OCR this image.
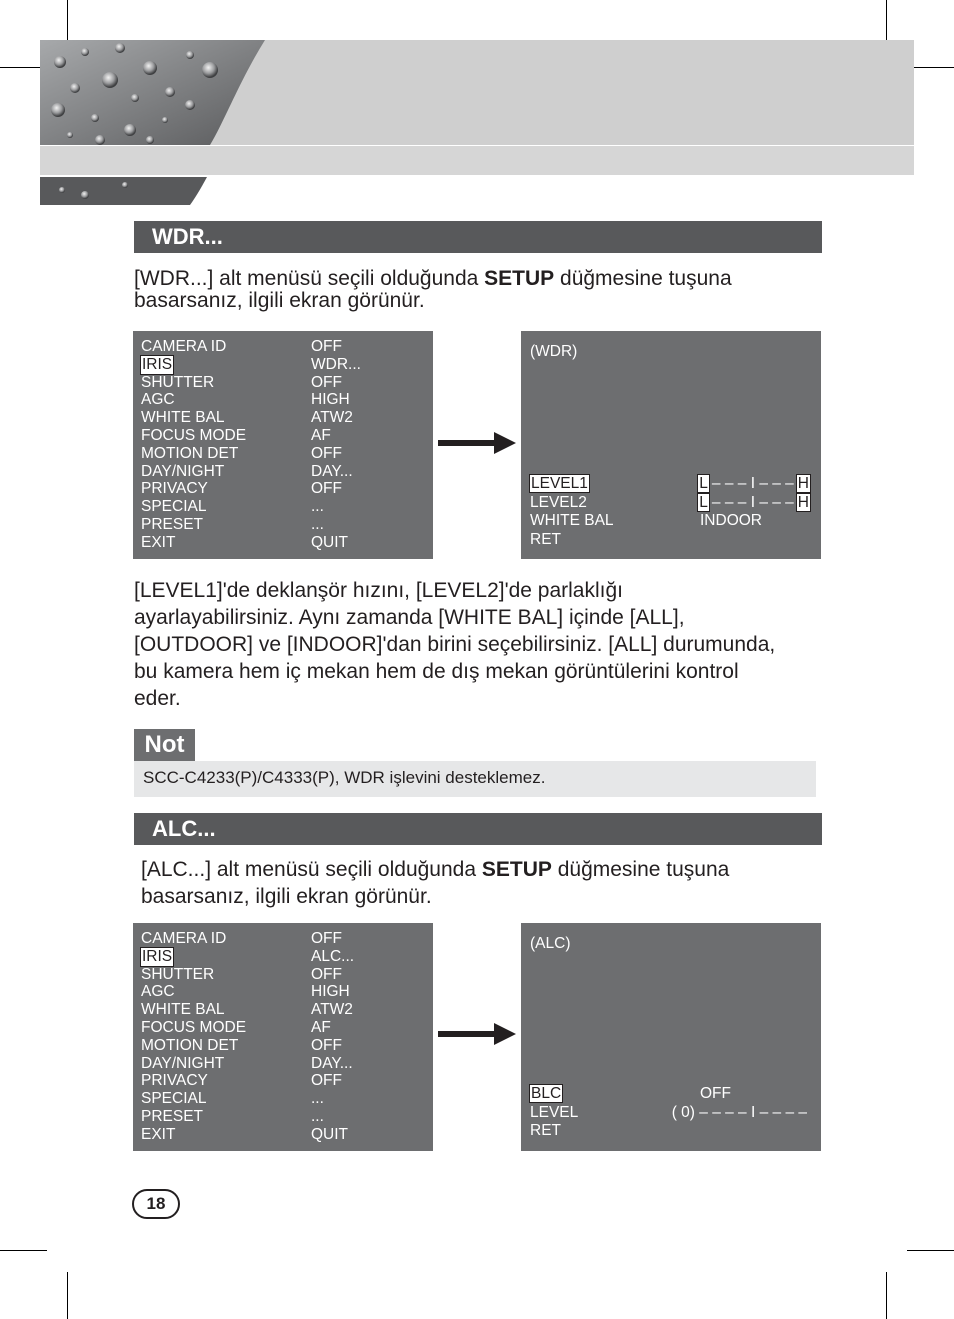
WDR...
[WDR...] alt menüsü seçili olduğunda SETUP düğmesine tuşuna
basarsanız, ilgili ekran görünür.
CAMERA ID	OFF
IRIS	WDR...
SHUTTER	OFF
AGC	HIGH
WHITE BAL	ATW2
FOCUS MODE	AF
MOTION DET	OFF
DAY/NIGHT	DAY...
PRIVACY	OFF
SPECIAL	...
PRESET	...
EXIT	QUIT
(WDR)
LEVEL1	L – – – I – – – H
LEVEL2	L – – – I – – – H
WHITE BAL	INDOOR
RET
[LEVEL1]'de deklanşör hızını, [LEVEL2]'de parlaklığı
ayarlayabilirsiniz. Aynı zamanda [WHITE BAL] içinde [ALL],
[OUTDOOR] ve [INDOOR]'dan birini seçebilirsiniz. [ALL] durumunda,
bu kamera hem iç mekan hem de dış mekan görüntülerini kontrol
eder.
Not
SCC-C4233(P)/C4333(P), WDR işlevini desteklemez.
ALC...
[ALC...] alt menüsü seçili olduğunda SETUP düğmesine tuşuna
basarsanız, ilgili ekran görünür.
CAMERA ID	OFF
IRIS	ALC...
SHUTTER	OFF
AGC	HIGH
WHITE BAL	ATW2
FOCUS MODE	AF
MOTION DET	OFF
DAY/NIGHT	DAY...
PRIVACY	OFF
SPECIAL	...
PRESET	...
EXIT	QUIT
(ALC)
BLC	OFF
LEVEL	( 0) – – – – I – – – –
RET
18
